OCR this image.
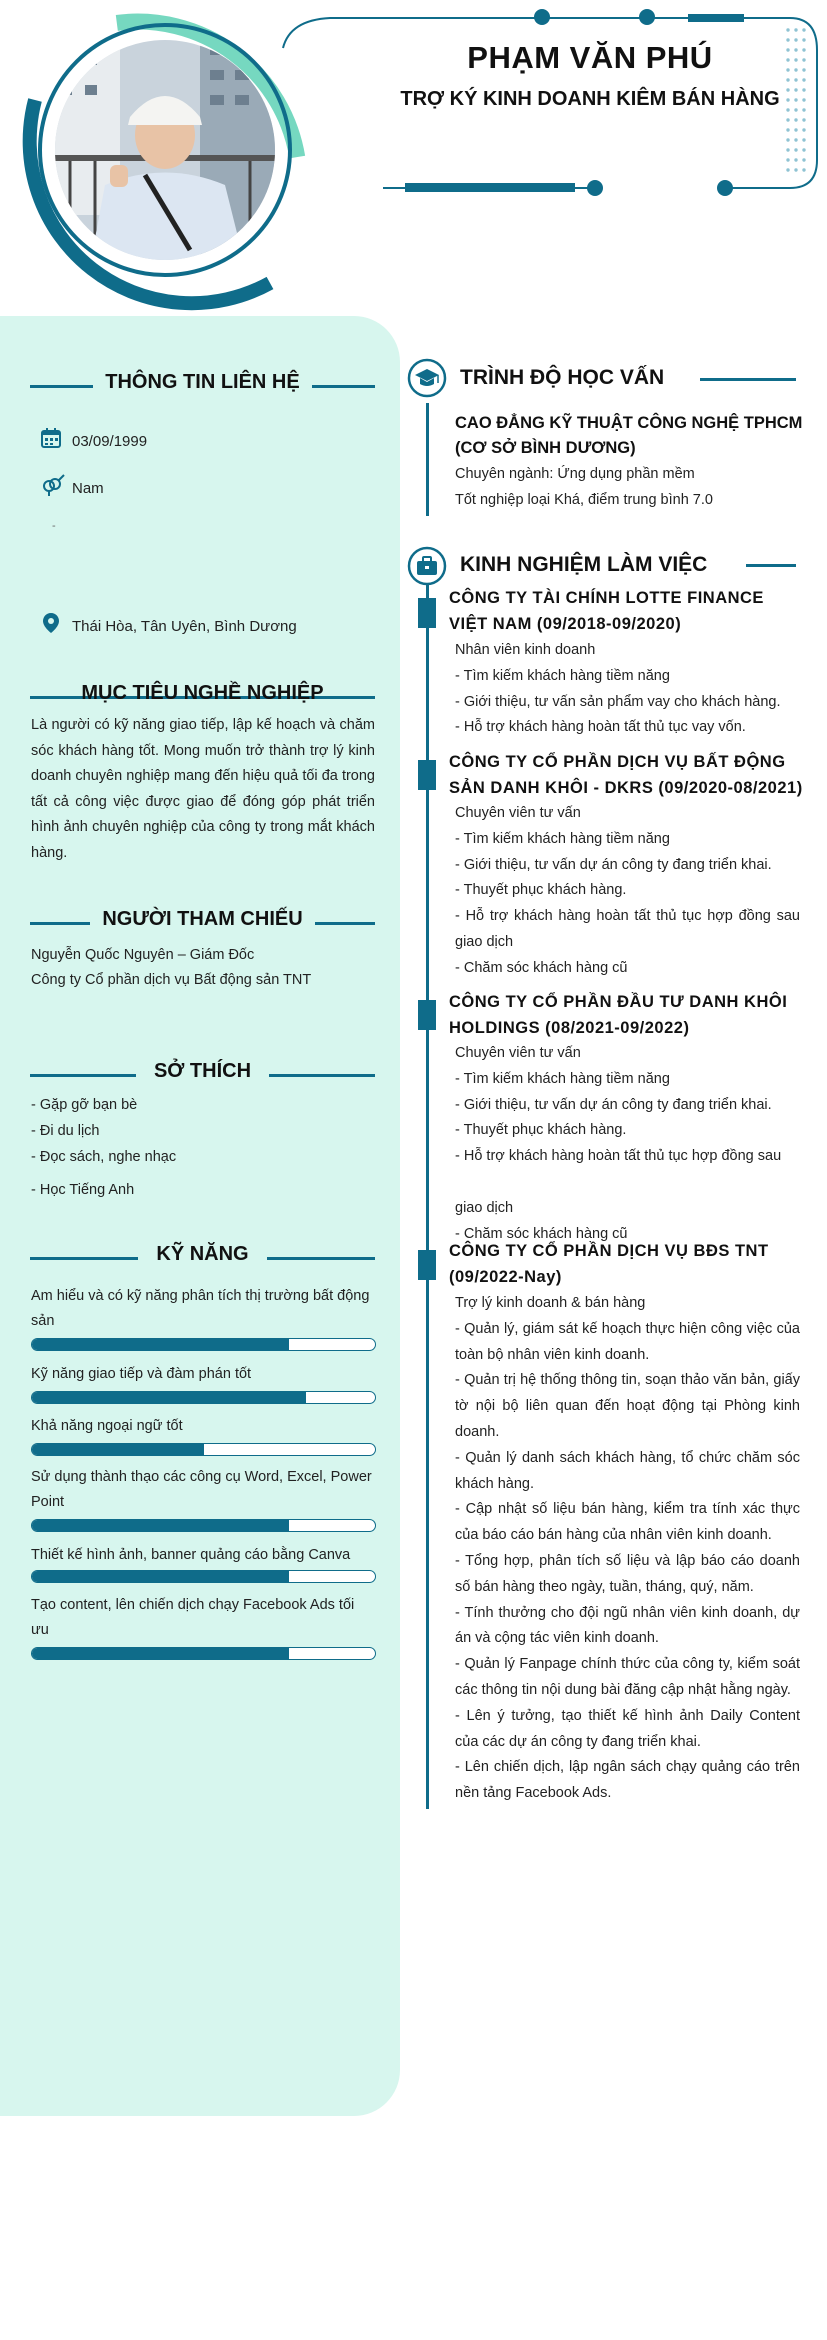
PHẠM VĂN PHÚ
TRỢ KÝ KINH DOANH KIÊM BÁN HÀNG
THÔNG TIN LIÊN HỆ
03/09/1999
Nam
-
Thái Hòa, Tân Uyên, Bình Dương
MỤC TIÊU NGHỀ NGHIỆP
Là người có kỹ năng giao tiếp, lập kế hoạch và chăm sóc khách hàng tốt. Mong muốn trở thành trợ lý kinh doanh chuyên nghiệp mang đến hiệu quả tối đa trong tất cả công việc được giao để đóng góp phát triển hình ảnh chuyên nghiệp của công ty trong mắt khách hàng.
NGƯỜI THAM CHIẾU
Nguyễn Quốc Nguyên – Giám Đốc
Công ty Cổ phần dịch vụ Bất động sản TNT
SỞ THÍCH
- Gặp gỡ bạn bè
- Đi du lịch
- Đọc sách, nghe nhạc
- Học Tiếng Anh
KỸ NĂNG
Am hiểu và có kỹ năng phân tích thị trường bất động sản
Kỹ năng giao tiếp và đàm phán tốt
Khả năng ngoại ngữ tốt
Sử dụng thành thạo các công cụ Word, Excel, Power Point
Thiết kế hình ảnh, banner quảng cáo bằng Canva
Tạo content, lên chiến dịch chạy Facebook Ads tối ưu
TRÌNH ĐỘ HỌC VẤN
CAO ĐẲNG KỸ THUẬT CÔNG NGHỆ TPHCM (CƠ SỞ BÌNH DƯƠNG)
Chuyên ngành: Ứng dụng phần mềm
Tốt nghiệp loại Khá, điểm trung bình 7.0
KINH NGHIỆM LÀM VIỆC
CÔNG TY TÀI CHÍNH LOTTE FINANCE VIỆT NAM (09/2018-09/2020)
Nhân viên kinh doanh
- Tìm kiếm khách hàng tiềm năng
- Giới thiệu, tư vấn sản phẩm vay cho khách hàng.
- Hỗ trợ khách hàng hoàn tất thủ tục vay vốn.
CÔNG TY CỔ PHẦN DỊCH VỤ BẤT ĐỘNG SẢN DANH KHÔI - DKRS (09/2020-08/2021)
Chuyên viên tư vấn
- Tìm kiếm khách hàng tiềm năng
- Giới thiệu, tư vấn dự án công ty đang triển khai.
- Thuyết phục khách hàng.
- Hỗ trợ khách hàng hoàn tất thủ tục hợp đồng sau giao dịch
- Chăm sóc khách hàng cũ
CÔNG TY CỔ PHẦN ĐẦU TƯ DANH KHÔI HOLDINGS (08/2021-09/2022)
Chuyên viên tư vấn
- Tìm kiếm khách hàng tiềm năng
- Giới thiệu, tư vấn dự án công ty đang triển khai.
- Thuyết phục khách hàng.
- Hỗ trợ khách hàng hoàn tất thủ tục hợp đồng sau
giao dịch
- Chăm sóc khách hàng cũ
CÔNG TY CỔ PHẦN DỊCH VỤ BĐS TNT (09/2022-Nay)
Trợ lý kinh doanh & bán hàng
- Quản lý, giám sát kế hoạch thực hiện công việc của toàn bộ nhân viên kinh doanh.
- Quản trị hệ thống thông tin, soạn thảo văn bản, giấy tờ nội bộ liên quan đến hoạt động tại Phòng kinh doanh.
- Quản lý danh sách khách hàng, tổ chức chăm sóc khách hàng.
- Cập nhật số liệu bán hàng, kiểm tra tính xác thực của báo cáo bán hàng của nhân viên kinh doanh.
- Tổng hợp, phân tích số liệu và lập báo cáo doanh số bán hàng theo ngày, tuần, tháng, quý, năm.
- Tính thưởng cho đội ngũ nhân viên kinh doanh, dự án và cộng tác viên kinh doanh.
- Quản lý Fanpage chính thức của công ty, kiểm soát các thông tin nội dung bài đăng cập nhật hằng ngày.
- Lên ý tưởng, tạo thiết kế hình ảnh Daily Content của các dự án công ty đang triển khai.
- Lên chiến dịch, lập ngân sách chạy quảng cáo trên nền tảng Facebook Ads.
